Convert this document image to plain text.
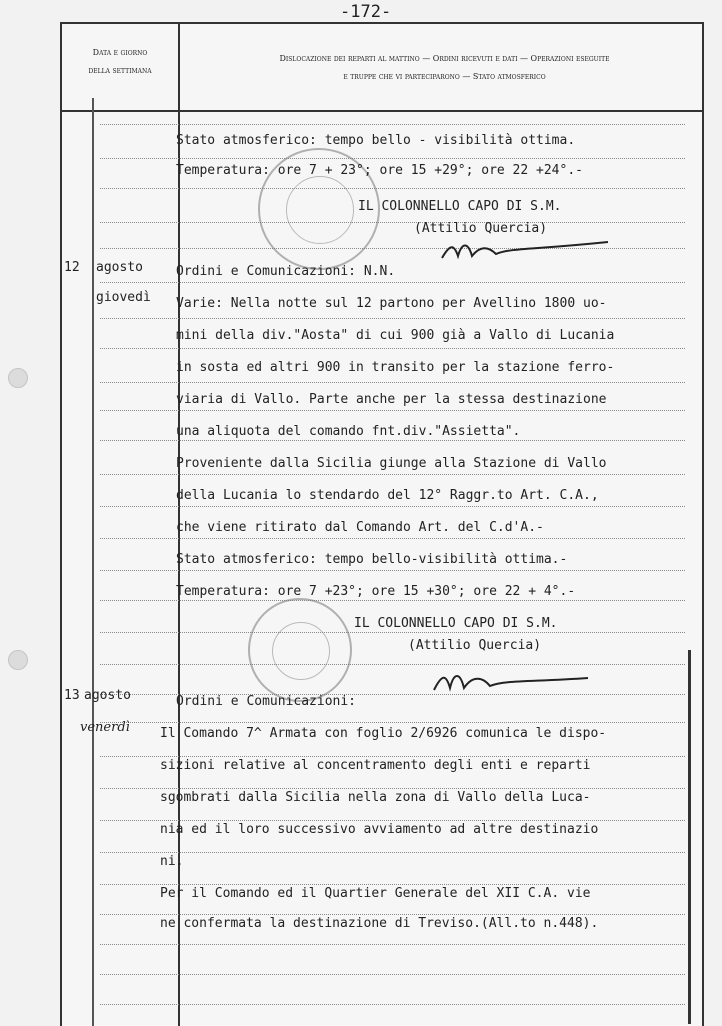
-172-
Data e giorno
della settimana
Dislocazione dei reparti al mattino — Ordini ricevuti e dati — Operazioni eseguite
e truppe che vi parteciparono — Stato atmosferico
Stato atmosferico: tempo bello - visibilità ottima.
Temperatura: ore 7 + 23°; ore 15 +29°; ore 22 +24°.-
IL COLONNELLO CAPO DI S.M.
(Attilio Quercia)
12 agosto
giovedì
Ordini e Comunicazioni: N.N.
Varie: Nella notte sul 12 partono per Avellino 1800 uo-
mini della div."Aosta" di cui 900 già a Vallo di Lucania
in sosta ed altri 900 in transito per la stazione ferro-
viaria di Vallo. Parte anche per la stessa destinazione
una aliquota del comando fnt.div."Assietta".
Proveniente dalla Sicilia giunge alla Stazione di Vallo
della Lucania lo stendardo del 12° Raggr.to Art. C.A.,
che viene ritirato dal Comando Art. del C.d'A.-
Stato atmosferico: tempo bello-visibilità ottima.-
Temperatura: ore 7 +23°; ore 15 +30°; ore 22 + 4°.-
IL COLONNELLO CAPO DI S.M.
(Attilio Quercia)
13 agosto
venerdì
Ordini e Comunicazioni:
Il Comando 7^ Armata con foglio 2/6926 comunica le dispo-
sizioni relative al concentramento degli enti e reparti
sgombrati dalla Sicilia nella zona di Vallo della Luca-
nia ed il loro successivo avviamento ad altre destinazio
ni.
Per il Comando ed il Quartier Generale del XII C.A. vie
ne confermata la destinazione di Treviso.(All.to n.448).
